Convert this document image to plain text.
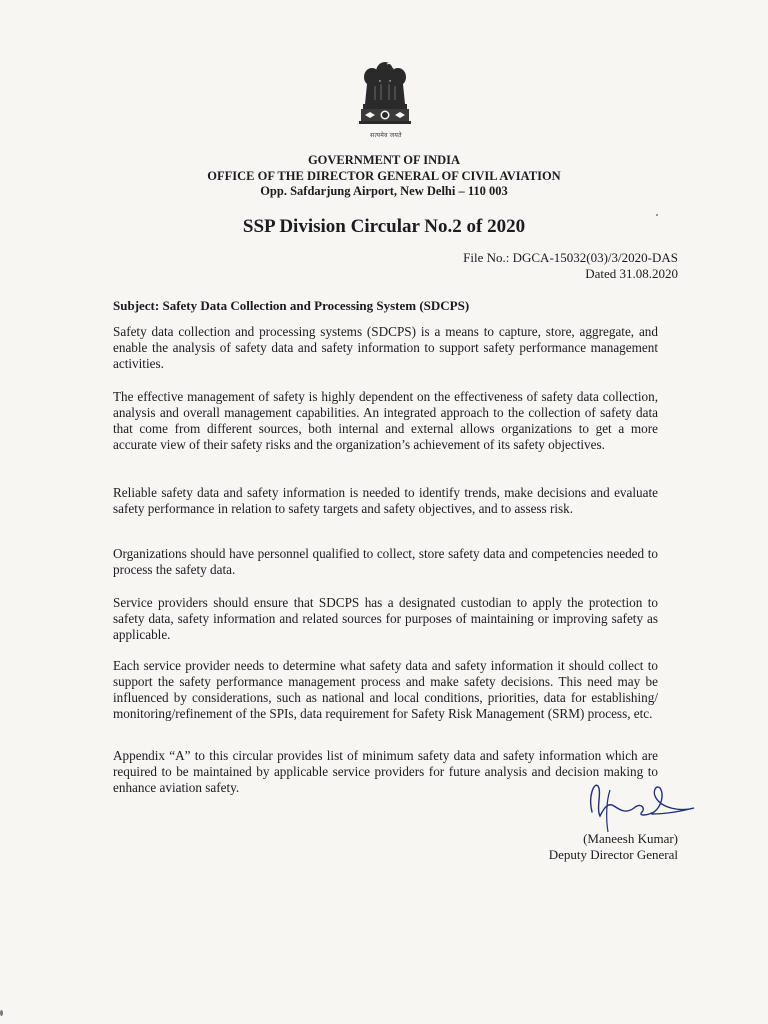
सत्यमेव जयते
GOVERNMENT OF INDIA
OFFICE OF THE DIRECTOR GENERAL OF CIVIL AVIATION
Opp. Safdarjung Airport, New Delhi – 110 003
SSP Division Circular No.2 of 2020
File No.: DGCA-15032(03)/3/2020-DAS
Dated 31.08.2020
Subject: Safety Data Collection and Processing System (SDCPS)

Safety data collection and processing systems (SDCPS) is a means to capture, store, aggregate, and enable the analysis of safety data and safety information to support safety performance management activities.

The effective management of safety is highly dependent on the effectiveness of safety data collection, analysis and overall management capabilities. An integrated approach to the collection of safety data that come from different sources, both internal and external allows organizations to get a more accurate view of their safety risks and the organization’s achievement of its safety objectives.

Reliable safety data and safety information is needed to identify trends, make decisions and evaluate safety performance in relation to safety targets and safety objectives, and to assess risk.

Organizations should have personnel qualified to collect, store safety data and competencies needed to process the safety data.

Service providers should ensure that SDCPS has a designated custodian to apply the protection to safety data, safety information and related sources for purposes of maintaining or improving safety as applicable.

Each service provider needs to determine what safety data and safety information it should collect to support the safety performance management process and make safety decisions. This need may be influenced by considerations, such as national and local conditions, priorities, data for establishing/ monitoring/refinement of the SPIs, data requirement for Safety Risk Management (SRM) process, etc.

Appendix “A” to this circular provides list of minimum safety data and safety information which are required to be maintained by applicable service providers for future analysis and decision making to enhance aviation safety.

(Maneesh Kumar)
Deputy Director General
